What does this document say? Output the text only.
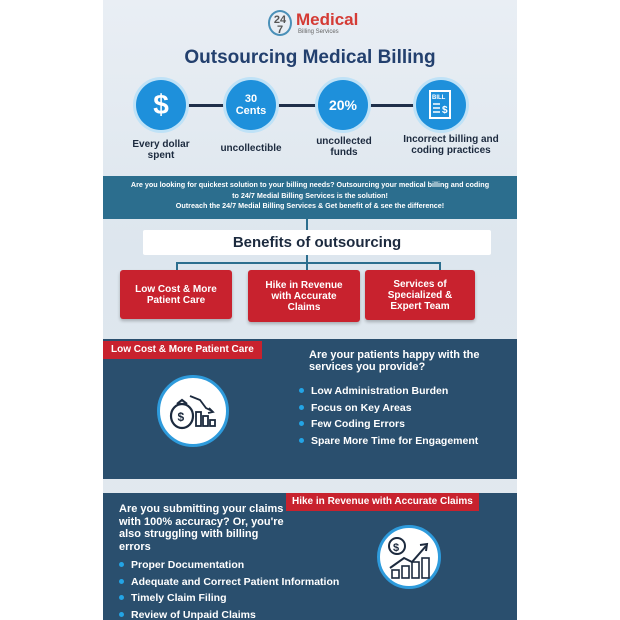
24
7
Medical
Billing Services
Outsourcing Medical Billing
$	30 Cents	20%	BILL
$
Every dollar spent
uncollectible
uncollected funds
Incorrect billing and coding practices
Are you looking for quickest solution to your billing needs? Outsourcing your medical billing and coding
to 24/7 Medial Billing Services is the solution!
Outreach the 24/7 Medial Billing Services & Get benefit of & see the difference!
Benefits of outsourcing
Low Cost & More Patient Care
Hike in Revenue with Accurate Claims
Services of Specialized & Expert Team
Low Cost & More Patient Care	Are your patients happy with the services you provide?
$
Low Administration Burden
Focus on Key Areas
Few Coding Errors
Spare More Time for Engagement
Hike in Revenue with Accurate Claims
Are you submitting your claims with 100% accuracy? Or, you're also struggling with billing errors	$
Proper Documentation
Adequate and Correct Patient Information
Timely Claim Filing
Review of Unpaid Claims
